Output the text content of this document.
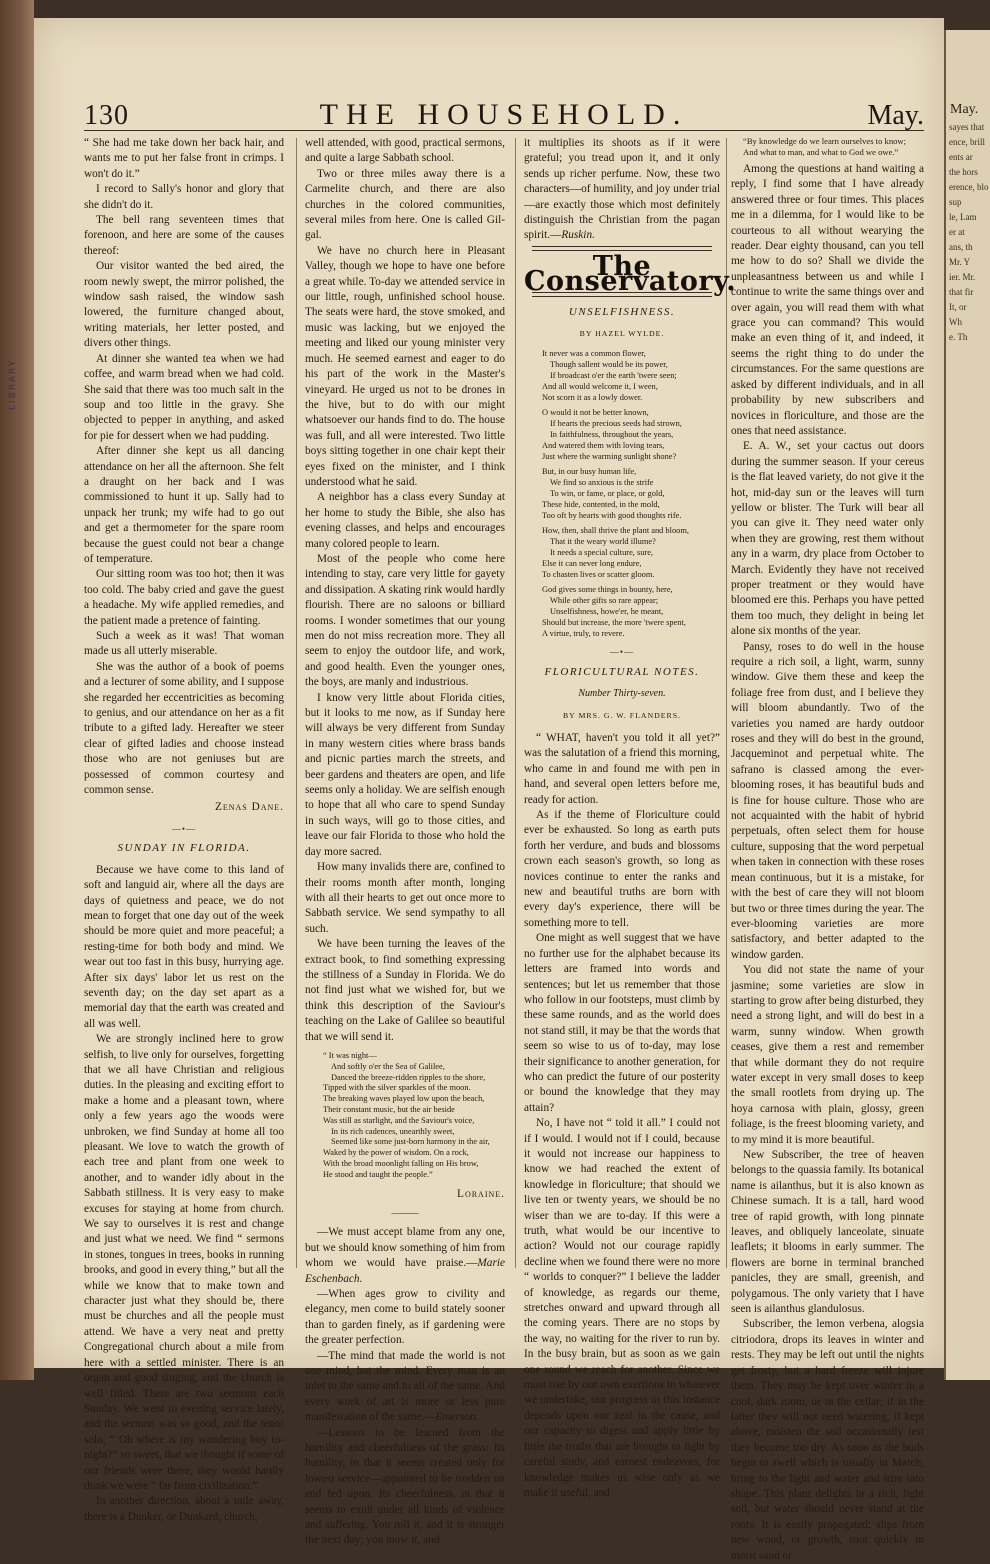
LIBRARY
May.
sayes that
ence, brill
ents ar
the hors
erence, blo
sup
le, Lam
er at
ans, th
Mr. Y
ier. Mr.
that fir
It, or
Wh
e. Th
130	THE HOUSEHOLD.	May.

“ She had me take down her back hair, and wants me to put her false front in crimps. I won't do it.”

I record to Sally's honor and glory that she didn't do it.

The bell rang seventeen times that forenoon, and here are some of the causes thereof:

Our visitor wanted the bed aired, the room newly swept, the mirror polished, the window sash raised, the window sash lowered, the furniture changed about, writing materials, her letter posted, and divers other things.

At dinner she wanted tea when we had coffee, and warm bread when we had cold. She said that there was too much salt in the soup and too little in the gravy. She objected to pepper in anything, and asked for pie for dessert when we had pudding.

After dinner she kept us all dancing attendance on her all the afternoon. She felt a draught on her back and I was commissioned to hunt it up. Sally had to unpack her trunk; my wife had to go out and get a thermometer for the spare room because the guest could not bear a change of temperature.

Our sitting room was too hot; then it was too cold. The baby cried and gave the guest a headache. My wife applied remedies, and the patient made a pretence of fainting.

Such a week as it was! That woman made us all utterly miserable.

She was the author of a book of poems and a lecturer of some ability, and I suppose she regarded her eccentricities as becoming to genius, and our attendance on her as a fit tribute to a gifted lady. Hereafter we steer clear of gifted ladies and choose instead those who are not geniuses but are possessed of common courtesy and common sense.

Zenas Dane.
—•—
SUNDAY IN FLORIDA.

Because we have come to this land of soft and languid air, where all the days are days of quietness and peace, we do not mean to forget that one day out of the week should be more quiet and more peaceful; a resting-time for both body and mind. We wear out too fast in this busy, hurrying age. After six days' labor let us rest on the seventh day; on the day set apart as a memorial day that the earth was created and all was well.

We are strongly inclined here to grow selfish, to live only for ourselves, forgetting that we all have Christian and religious duties. In the pleasing and exciting effort to make a home and a pleasant town, where only a few years ago the woods were unbroken, we find Sunday at home all too pleasant. We love to watch the growth of each tree and plant from one week to another, and to wander idly about in the Sabbath stillness. It is very easy to make excuses for staying at home from church. We say to ourselves it is rest and change and just what we need. We find “ sermons in stones, tongues in trees, books in running brooks, and good in every thing,” but all the while we know that to make town and character just what they should be, there must be churches and all the people must attend. We have a very neat and pretty Congregational church about a mile from here with a settled minister. There is an organ and good singing, and the church is well filled. There are two sermons each Sunday. We went to evening service lately, and the sermon was so good, and the tenor solo, “ Oh where is my wandering boy to-night?” so sweet, that we thought if some of our friends were there, they would hardly think we were “ far from civilization.”

In another direction, about a mile away, there is a Dunker, or Dunkard, church,

well attended, with good, practical sermons, and quite a large Sabbath school.

Two or three miles away there is a Carmelite church, and there are also churches in the colored communities, several miles from here. One is called Gil-gal.

We have no church here in Pleasant Valley, though we hope to have one before a great while. To-day we attended service in our little, rough, unfinished school house. The seats were hard, the stove smoked, and music was lacking, but we enjoyed the meeting and liked our young minister very much. He seemed earnest and eager to do his part of the work in the Master's vineyard. He urged us not to be drones in the hive, but to do with our might whatsoever our hands find to do. The house was full, and all were interested. Two little boys sitting together in one chair kept their eyes fixed on the minister, and I think understood what he said.

A neighbor has a class every Sunday at her home to study the Bible, she also has evening classes, and helps and encourages many colored people to learn.

Most of the people who come here intending to stay, care very little for gayety and dissipation. A skating rink would hardly flourish. There are no saloons or billiard rooms. I wonder sometimes that our young men do not miss recreation more. They all seem to enjoy the outdoor life, and work, and good health. Even the younger ones, the boys, are manly and industrious.

I know very little about Florida cities, but it looks to me now, as if Sunday here will always be very different from Sunday in many western cities where brass bands and picnic parties march the streets, and beer gardens and theaters are open, and life seems only a holiday. We are selfish enough to hope that all who care to spend Sunday in such ways, will go to those cities, and leave our fair Florida to those who hold the day more sacred.

How many invalids there are, confined to their rooms month after month, longing with all their hearts to get out once more to Sabbath service. We send sympathy to all such.

We have been turning the leaves of the extract book, to find something expressing the stillness of a Sunday in Florida. We do not find just what we wished for, but we think this description of the Saviour's teaching on the Lake of Galilee so beautiful that we will send it.

“ It was night—
And softly o'er the Sea of Galilee,
Danced the breeze-ridden ripples to the shore,
Tipped with the silver sparkles of the moon.
The breaking waves played low upon the beach,
Their constant music, but the air beside
Was still as starlight, and the Saviour's voice,
In its rich cadences, unearthly sweet,
Seemed like some just-born harmony in the air,
Waked by the power of wisdom. On a rock,
With the broad moonlight falling on His brow,
He stood and taught the people.”
Loraine.
———

—We must accept blame from any one, but we should know something of him from whom we would have praise.—Marie Eschenbach.

—When ages grow to civility and elegancy, men come to build stately sooner than to garden finely, as if gardening were the greater perfection.

—The mind that made the world is not one mind, but the mind. Every man is an inlet to the same and to all of the same. And every work of art is more or less pure manifestation of the same.—Emerson.

—Lessons to be learned from the humility and cheerfulness of the grass: Its humility, in that it seems created only for lowest service—appointed to be trodden on and fed upon. Its cheerfulness, in that it seems to exult under all kinds of violence and suffering. You roll it, and it is stronger the next day; you mow it, and

it multiplies its shoots as if it were grateful; you tread upon it, and it only sends up richer perfume. Now, these two characters—of humility, and joy under trial—are exactly those which most definitely distinguish the Christian from the pagan spirit.—Ruskin.

The Conservatory.
UNSELFISHNESS.
BY HAZEL WYLDE.
It never was a common flower,
Though sallent would be its power,
If broadcast o'er the earth 'twere seen;
And all would welcome it, I ween,
Not scorn it as a lowly dower.
O would it not be better known,
If hearts the precious seeds had strown,
In faithfulness, throughout the years,
And watered them with loving tears,
Just where the warming sunlight shone?
But, in our busy human life,
We find so anxious is the strife
To win, or fame, or place, or gold,
These hide, contented, in the mold,
Too oft by hearts with good thoughts rife.
How, then, shall thrive the plant and bloom,
That it the weary world illume?
It needs a special culture, sure,
Else it can never long endure,
To chasten lives or scatter gloom.
God gives some things in bounty, here,
While other gifts so rare appear;
Unselfishness, howe'er, he meant,
Should but increase, the more 'twere spent,
A virtue, truly, to revere.
—•—
FLORICULTURAL NOTES.
Number Thirty-seven.
BY MRS. G. W. FLANDERS.

“ WHAT, haven't you told it all yet?” was the salutation of a friend this morning, who came in and found me with pen in hand, and several open letters before me, ready for action.

As if the theme of Floriculture could ever be exhausted. So long as earth puts forth her verdure, and buds and blossoms crown each season's growth, so long as novices continue to enter the ranks and new and beautiful truths are born with every day's experience, there will be something more to tell.

One might as well suggest that we have no further use for the alphabet because its letters are framed into words and sentences; but let us remember that those who follow in our footsteps, must climb by these same rounds, and as the world does not stand still, it may be that the words that seem so wise to us of to-day, may lose their significance to another generation, for who can predict the future of our posterity or bound the knowledge that they may attain?

No, I have not “ told it all.” I could not if I would. I would not if I could, because it would not increase our happiness to know we had reached the extent of knowledge in floriculture; that should we live ten or twenty years, we should be no wiser than we are to-day. If this were a truth, what would be our incentive to action? Would not our courage rapidly decline when we found there were no more “ worlds to conquer?” I believe the ladder of knowledge, as regards our theme, stretches onward and upward through all the coming years. There are no stops by the way, no waiting for the river to run by. In the busy brain, but as soon as we gain one round we reach for another. Since we must rise by our own exertions in whatever we undertake, our progress in this instance depends upon our zeal in the cause, and our capacity to digest and apply little by little the truths that are brought to light by careful study, and earnest endeavors, for knowledge makes us wise only as we make it useful, and

“By knowledge do we learn ourselves to know;
And what to man, and what to God we owe.”

Among the questions at hand waiting a reply, I find some that I have already answered three or four times. This places me in a dilemma, for I would like to be courteous to all without wearying the reader. Dear eighty thousand, can you tell me how to do so? Shall we divide the unpleasantness between us and while I continue to write the same things over and over again, you will read them with what grace you can command? This would make an even thing of it, and indeed, it seems the right thing to do under the circumstances. For the same questions are asked by different individuals, and in all probability by new subscribers and novices in floriculture, and those are the ones that need assistance.

E. A. W., set your cactus out doors during the summer season. If your cereus is the flat leaved variety, do not give it the hot, mid-day sun or the leaves will turn yellow or blister. The Turk will bear all you can give it. They need water only when they are growing, rest them without any in a warm, dry place from October to March. Evidently they have not received proper treatment or they would have bloomed ere this. Perhaps you have petted them too much, they delight in being let alone six months of the year.

Pansy, roses to do well in the house require a rich soil, a light, warm, sunny window. Give them these and keep the foliage free from dust, and I believe they will bloom abundantly. Two of the varieties you named are hardy outdoor roses and they will do best in the ground, Jacqueminot and perpetual white. The safrano is classed among the ever-blooming roses, it has beautiful buds and is fine for house culture. Those who are not acquainted with the habit of hybrid perpetuals, often select them for house culture, supposing that the word perpetual when taken in connection with these roses mean continuous, but it is a mistake, for with the best of care they will not bloom but two or three times during the year. The ever-blooming varieties are more satisfactory, and better adapted to the window garden.

You did not state the name of your jasmine; some varieties are slow in starting to grow after being disturbed, they need a strong light, and will do best in a warm, sunny window. When growth ceases, give them a rest and remember that while dormant they do not require water except in very small doses to keep the small rootlets from drying up. The hoya carnosa with plain, glossy, green foliage, is the freest blooming variety, and to my mind it is more beautiful.

New Subscriber, the tree of heaven belongs to the quassia family. Its botanical name is ailanthus, but it is also known as Chinese sumach. It is a tall, hard wood tree of rapid growth, with long pinnate leaves, and obliquely lanceolate, sinuate leaflets; it blooms in early summer. The flowers are borne in terminal branched panicles, they are small, greenish, and polygamous. The only variety that I have seen is ailanthus glandulosus.

Subscriber, the lemon verbena, alogsia citriodora, drops its leaves in winter and rests. They may be left out until the nights get frosty, but a hard freeze will injure them. They may be kept over winter in a cool, dark room, or in the cellar; if in the latter they will not need watering, if kept above, moisten the soil occasionally lest they become too dry. As soon as the buds begin to swell which is usually in March, bring to the light and water and trim into shape. This plant delights in a rich, light soil, but water should never stand at the roots. It is easily propagated; slips from new wood, or growth, root quickly in moist sand or
